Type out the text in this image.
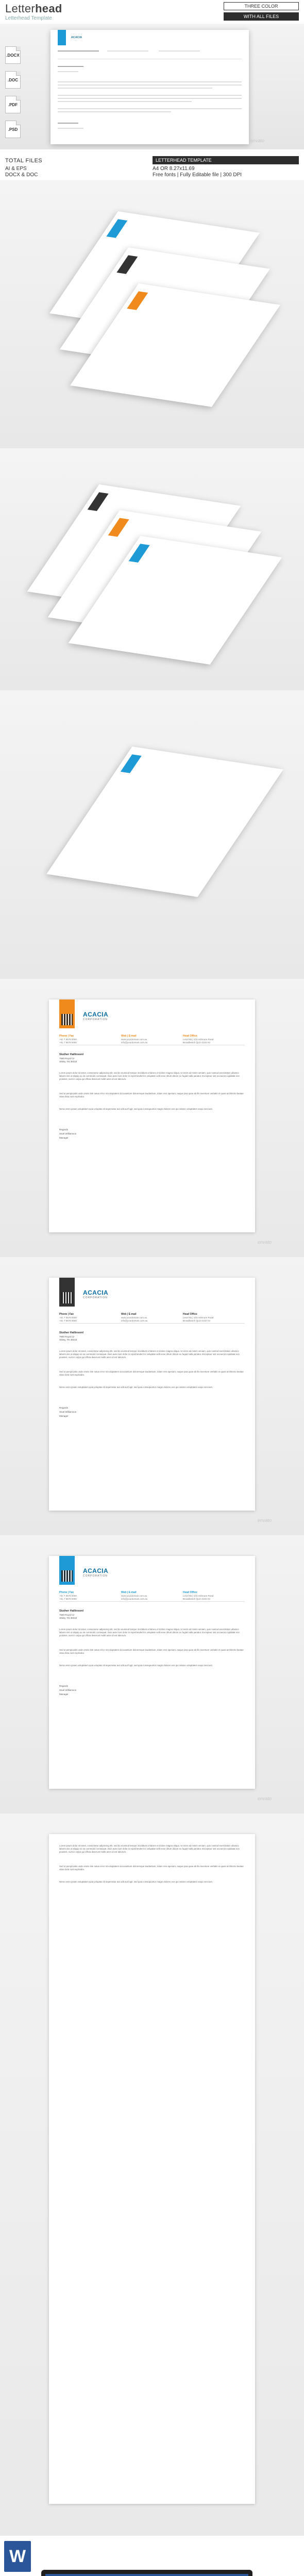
Letterhead
Letterhead Template
THREE COLOR
WITH ALL FILES
.DOCX
.DOC
.PDF
.PSD
ACACIA
envato
TOTAL FILES	LETTERHEAD TEMPLATE
AI & EPS
DOCX & DOC
A4 OR 8.27x11.69
Free fonts | Fully Editable file | 300 DPI
ACACIA
CORPORATION
Phone | Fax
+61 7 5578 0000
+61 7 5578 0000
Web | E-mail
www.yourdomain.com.au
info@yourdomain.com.au
Head Office
Level 65 | 103 Ashmore Road
Broadbeach QLD 4218 AU
Stuther Hallinsonl
7560 Royal Cir
Shiley, TN 38218
Lorem ipsum dolor sit amet, consectetur adipiscing elit, sed do eiusmod tempor incididunt ut labore et dolore magna aliqua. Ut enim ad minim veniam, quis nostrud exercitation ullamco laboris nisi ut aliquip ex ea commodo consequat. Duis aute irure dolor in reprehenderit in voluptate velit esse cillum dolore eu fugiat nulla pariatur. Excepteur sint occaecat cupidatat non proident, sunt in culpa qui officia deserunt mollit anim id est laborum.
Sed ut perspiciatis unde omnis iste natus error sit voluptatem accusantium doloremque laudantium, totam rem aperiam, eaque ipsa quae ab illo inventore veritatis et quasi architecto beatae vitae dicta sunt explicabo.
Nemo enim ipsam voluptatem quia voluptas sit aspernatur aut odit aut fugit, sed quia consequuntur magni dolores eos qui ratione voluptatem sequi nesciunt.
Regards
Stuel Williamson
Manager
envato
ACACIA
CORPORATION
Phone | Fax
+61 7 5578 0000
+61 7 5578 0000
Web | E-mail
www.yourdomain.com.au
info@yourdomain.com.au
Head Office
Level 65 | 103 Ashmore Road
Broadbeach QLD 4218 AU
Stuther Hallinsonl
7560 Royal Cir
Shiley, TN 38218
Lorem ipsum dolor sit amet, consectetur adipiscing elit, sed do eiusmod tempor incididunt ut labore et dolore magna aliqua. Ut enim ad minim veniam, quis nostrud exercitation ullamco laboris nisi ut aliquip ex ea commodo consequat. Duis aute irure dolor in reprehenderit in voluptate velit esse cillum dolore eu fugiat nulla pariatur. Excepteur sint occaecat cupidatat non proident, sunt in culpa qui officia deserunt mollit anim id est laborum.
Sed ut perspiciatis unde omnis iste natus error sit voluptatem accusantium doloremque laudantium, totam rem aperiam, eaque ipsa quae ab illo inventore veritatis et quasi architecto beatae vitae dicta sunt explicabo.
Nemo enim ipsam voluptatem quia voluptas sit aspernatur aut odit aut fugit, sed quia consequuntur magni dolores eos qui ratione voluptatem sequi nesciunt.
Regards
Stuel Williamson
Manager
envato
ACACIA
CORPORATION
Phone | Fax
+61 7 5578 0000
+61 7 5578 0000
Web | E-mail
www.yourdomain.com.au
info@yourdomain.com.au
Head Office
Level 65 | 103 Ashmore Road
Broadbeach QLD 4218 AU
Stuther Hallinsonl
7560 Royal Cir
Shiley, TN 38218
Lorem ipsum dolor sit amet, consectetur adipiscing elit, sed do eiusmod tempor incididunt ut labore et dolore magna aliqua. Ut enim ad minim veniam, quis nostrud exercitation ullamco laboris nisi ut aliquip ex ea commodo consequat. Duis aute irure dolor in reprehenderit in voluptate velit esse cillum dolore eu fugiat nulla pariatur. Excepteur sint occaecat cupidatat non proident, sunt in culpa qui officia deserunt mollit anim id est laborum.
Sed ut perspiciatis unde omnis iste natus error sit voluptatem accusantium doloremque laudantium, totam rem aperiam, eaque ipsa quae ab illo inventore veritatis et quasi architecto beatae vitae dicta sunt explicabo.
Nemo enim ipsam voluptatem quia voluptas sit aspernatur aut odit aut fugit, sed quia consequuntur magni dolores eos qui ratione voluptatem sequi nesciunt.
Regards
Stuel Williamson
Manager
envato
Lorem ipsum dolor sit amet, consectetur adipiscing elit, sed do eiusmod tempor incididunt ut labore et dolore magna aliqua. Ut enim ad minim veniam, quis nostrud exercitation ullamco laboris nisi ut aliquip ex ea commodo consequat. Duis aute irure dolor in reprehenderit in voluptate velit esse cillum dolore eu fugiat nulla pariatur. Excepteur sint occaecat cupidatat non proident, sunt in culpa qui officia deserunt mollit anim id est laborum.
Sed ut perspiciatis unde omnis iste natus error sit voluptatem accusantium doloremque laudantium, totam rem aperiam, eaque ipsa quae ab illo inventore veritatis et quasi architecto beatae vitae dicta sunt explicabo.
Nemo enim ipsam voluptatem quia voluptas sit aspernatur aut odit aut fugit, sed quia consequuntur magni dolores eos qui ratione voluptatem sequi nesciunt.
W
